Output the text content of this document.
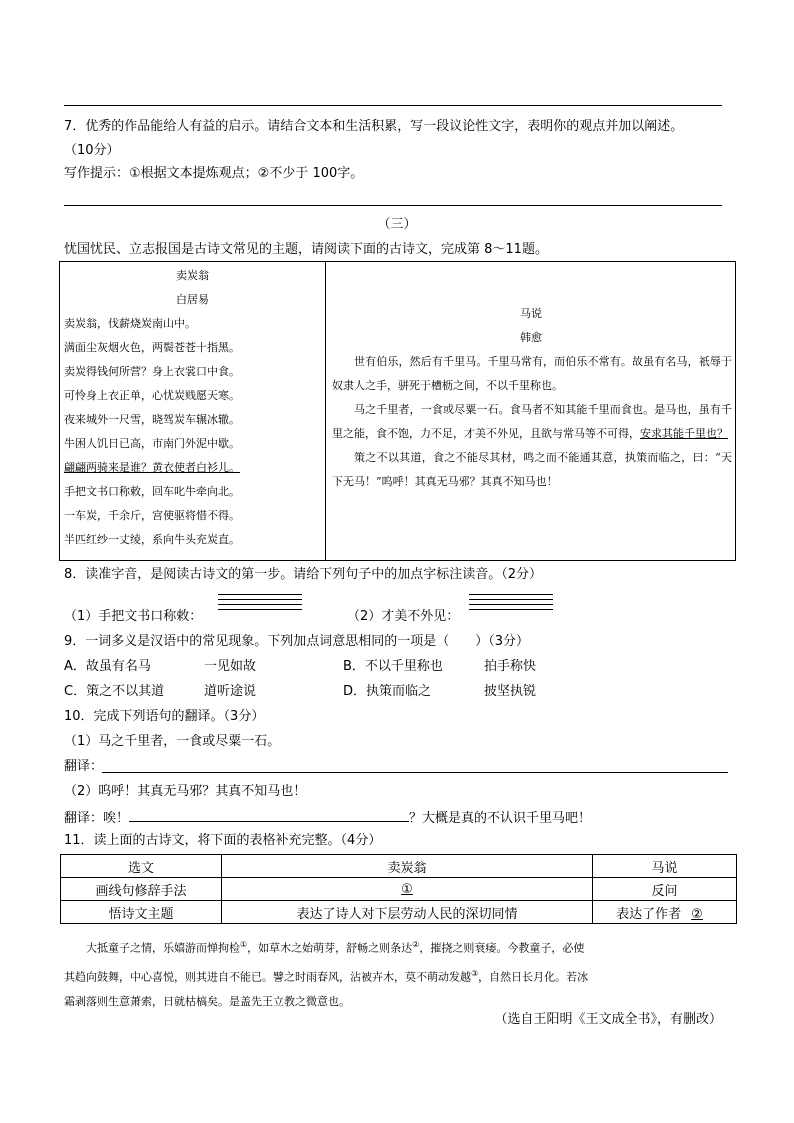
7．优秀的作品能给人有益的启示。请结合文本和生活积累，写一段议论性文字，表明你的观点并加以阐述。
（10分）
写作提示：①根据文本提炼观点；②不少于 100字。
（三）
忧国忧民、立志报国是古诗文常见的主题，请阅读下面的古诗文，完成第 8～11题。
卖炭翁
白居易
卖炭翁，伐薪烧炭南山中。
满面尘灰烟火色，两鬓苍苍十指黑。
卖炭得钱何所营？身上衣裳口中食。
可怜身上衣正单，心忧炭贱愿天寒。
夜来城外一尺雪，晓驾炭车辗冰辙。
牛困人饥日已高，市南门外泥中歇。
翩翩两骑来是谁？黄衣使者白衫儿。
手把文书口称敕，回车叱牛牵向北。
一车炭，千余斤，宫使驱将惜不得。
半匹红纱一丈绫，系向牛头充炭直。
马说
韩愈
世有伯乐，然后有千里马。千里马常有，而伯乐不常有。故虽有名马，祇辱于奴隶人之手，骈死于槽枥之间，不以千里称也。
马之千里者，一食或尽粟一石。食马者不知其能千里而食也。是马也，虽有千里之能，食不饱，力不足，才美不外见，且欲与常马等不可得，安求其能千里也？
策之不以其道，食之不能尽其材，鸣之而不能通其意，执策而临之，曰：“天下无马！”呜呼！其真无马邪？其真不知马也！
8．读准字音，是阅读古诗文的第一步。请给下列句子中的加点字标注读音。（2分）
（1）手把文书口称敕：	（2）才美不外见：
9．一词多义是汉语中的常见现象。下列加点词意思相同的一项是（　　）（3分）
A．故虽有名马	一见如故	B．不以千里称也	拍手称快
C．策之不以其道	道听途说	D．执策而临之	披坚执锐
10．完成下列语句的翻译。（3分）
（1）马之千里者，一食或尽粟一石。
翻译：
（2）呜呼！其真无马邪？其真不知马也！
翻译：唉！	？大概是真的不认识千里马吧！
11．读上面的古诗文，将下面的表格补充完整。（4分）
选文	卖炭翁	马说
画线句修辞手法	①	反问
悟诗文主题	表达了诗人对下层劳动人民的深切同情	表达了作者 ②
大抵童子之情，乐嬉游而惮拘检①，如草木之始萌芽，舒畅之则条达②，摧挠之则衰痿。今教童子，必使
其趋向鼓舞，中心喜悦，则其进自不能已。譬之时雨春风，沾被卉木，莫不萌动发越③，自然日长月化。若冰
霜剥落则生意萧索，日就枯槁矣。是盖先王立教之微意也。
（选自王阳明《王文成全书》，有删改）
